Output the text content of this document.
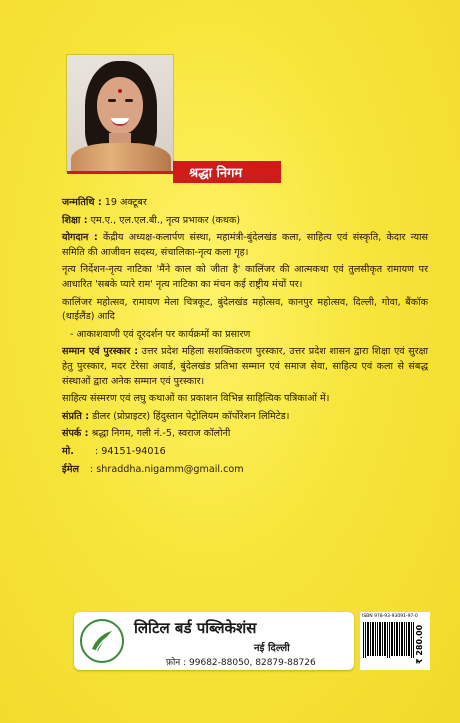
श्रद्धा निगम

जन्मतिथि : 19 अक्टूबर

शिक्षा : एम.ए., एल.एल.बी., नृत्य प्रभाकर (कथक)

योगदान : केंद्रीय अध्यक्ष-कलार्पण संस्था, महामंत्री-बुंदेलखंड कला, साहित्य एवं संस्कृति, केदार न्यास समिति की आजीवन सदस्य, संचालिका-नृत्य कला गृह।

नृत्य निर्देशन-नृत्य नाटिका 'मैंने काल को जीता है' कालिंजर की आत्मकथा एवं तुलसीकृत रामायण पर आधारित 'सबके प्यारे राम' नृत्य नाटिका का मंचन कई राष्ट्रीय मंचों पर।

कालिंजर महोत्सव, रामायण मेला चित्रकूट, बुंदेलखंड महोत्सव, कानपुर महोत्सव, दिल्ली, गोवा, बैंकॉक (थाईलैंड) आदि

- आकाशवाणी एवं दूरदर्शन पर कार्यक्रमों का प्रसारण

सम्मान एवं पुरस्कार : उत्तर प्रदेश महिला सशक्तिकरण पुरस्कार, उत्तर प्रदेश शासन द्वारा शिक्षा एवं सुरक्षा हेतु पुरस्कार, मदर टेरेसा अवार्ड, बुंदेलखंड प्रतिभा सम्मान एवं समाज सेवा, साहित्य एवं कला से संबद्ध संस्थाओं द्वारा अनेक सम्मान एवं पुरस्कार।

साहित्य संस्मरण एवं लघु कथाओं का प्रकाशन विभिन्न साहित्यिक पत्रिकाओं में।

संप्रति : डीलर (प्रोप्राइटर) हिंदुस्तान पेट्रोलियम कॉर्पोरेशन लिमिटेड।

संपर्क : श्रद्धा निगम, गली नं.-5, स्वराज कॉलोनी

मो. : 94151-94016

ईमेल : shraddha.nigamm@gmail.com

लिटिल बर्ड पब्लिकेशंस
नई दिल्ली
फ़ोन : 99682-88050, 82879-88726
ISBN 978-93-93091-97-0
₹ 280.00
